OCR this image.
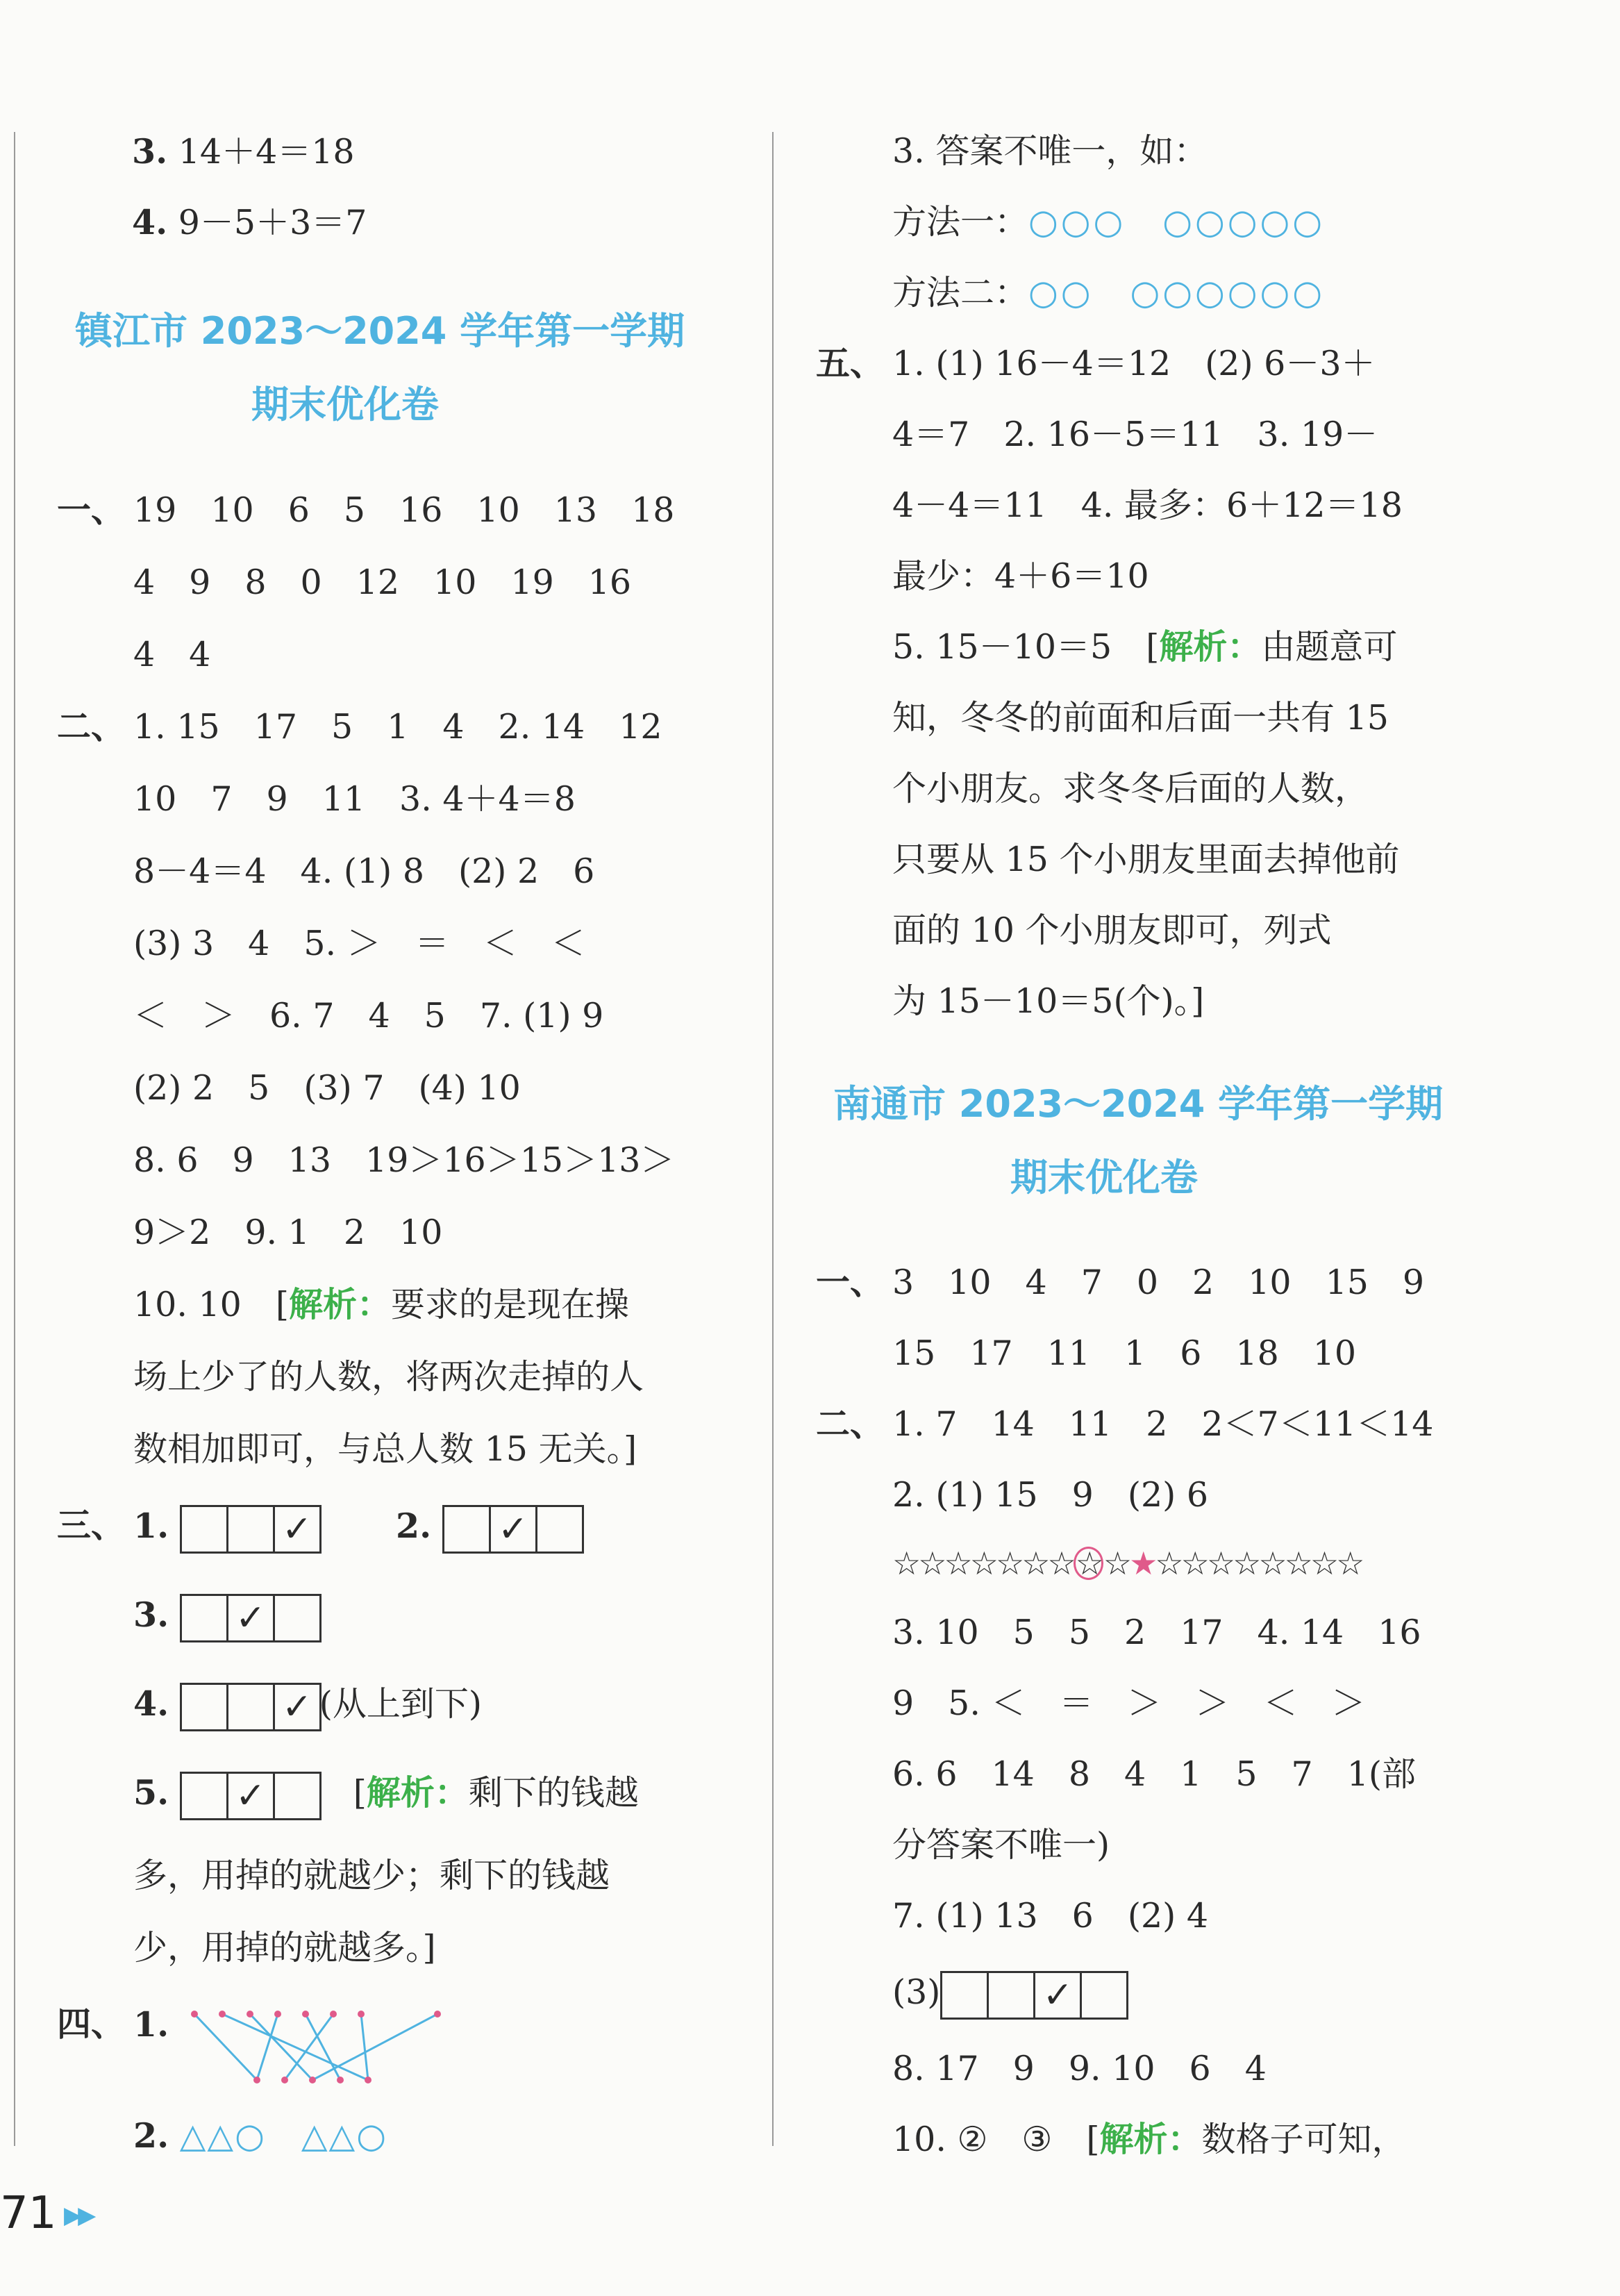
3. 14＋4＝18
4. 9－5＋3＝7
镇江市 2023～2024 学年第一学期
期末优化卷
一、 19　10　6　5　16　10　13　18
4　9　8　0　12　10　19　16
4　4
二、 1. 15　17　5　1　4　2. 14　12
10　7　9　11　3. 4＋4＝8
8－4＝4　4. (1) 8　(2) 2　6
(3) 3　4　5. ＞　＝　＜　＜
＜　＞　6. 7　4　5　7. (1) 9
(2) 2　5　(3) 7　(4) 10
8. 6　9　13　19＞16＞15＞13＞
9＞2　9. 1　2　10
10. 10　[解析：要求的是现在操
场上少了的人数，将两次走掉的人
数相加即可，与总人数 15 无关。]
三、 1. ✓	2.  ✓
3.  ✓
4. ✓	(从上到下)
5. ✓　	[解析：剩下的钱越
多，用掉的就越少；剩下的钱越
少，用掉的就越多。]
四、 1.
2. △△○　△△○
3. 答案不唯一，如：
方法一：○○○　○○○○○
方法二：○○　○○○○○○
五、 1. (1) 16－4＝12　(2) 6－3＋
4＝7　2. 16－5＝11　3. 19－
4－4＝11　4. 最多：6＋12＝18
最少：4＋6＝10
5. 15－10＝5　[解析：由题意可
知，冬冬的前面和后面一共有 15
个小朋友。求冬冬后面的人数，
只要从 15 个小朋友里面去掉他前
面的 10 个小朋友即可，列式
为 15－10＝5(个)。]
南通市 2023～2024 学年第一学期
期末优化卷
一、 3　10　4　7　0　2　10　15　9
15　17　11　1　6　18　10
二、 1. 7　14　11　2　2＜7＜11＜14
2. (1) 15　9　(2) 6
☆☆☆☆☆☆☆☆☆★☆☆☆☆☆☆☆☆
3. 10　5　5　2　17　4. 14　16
9　5. ＜　＝　＞　＞　＜　＞
6. 6　14　8　4　1　5　7　1(部
分答案不唯一)
7. (1) 13　6　(2) 4
(3) ✓
8. 17　9　9. 10　6　4
10. ②　③　[解析：数格子可知，
71 ▶▶
